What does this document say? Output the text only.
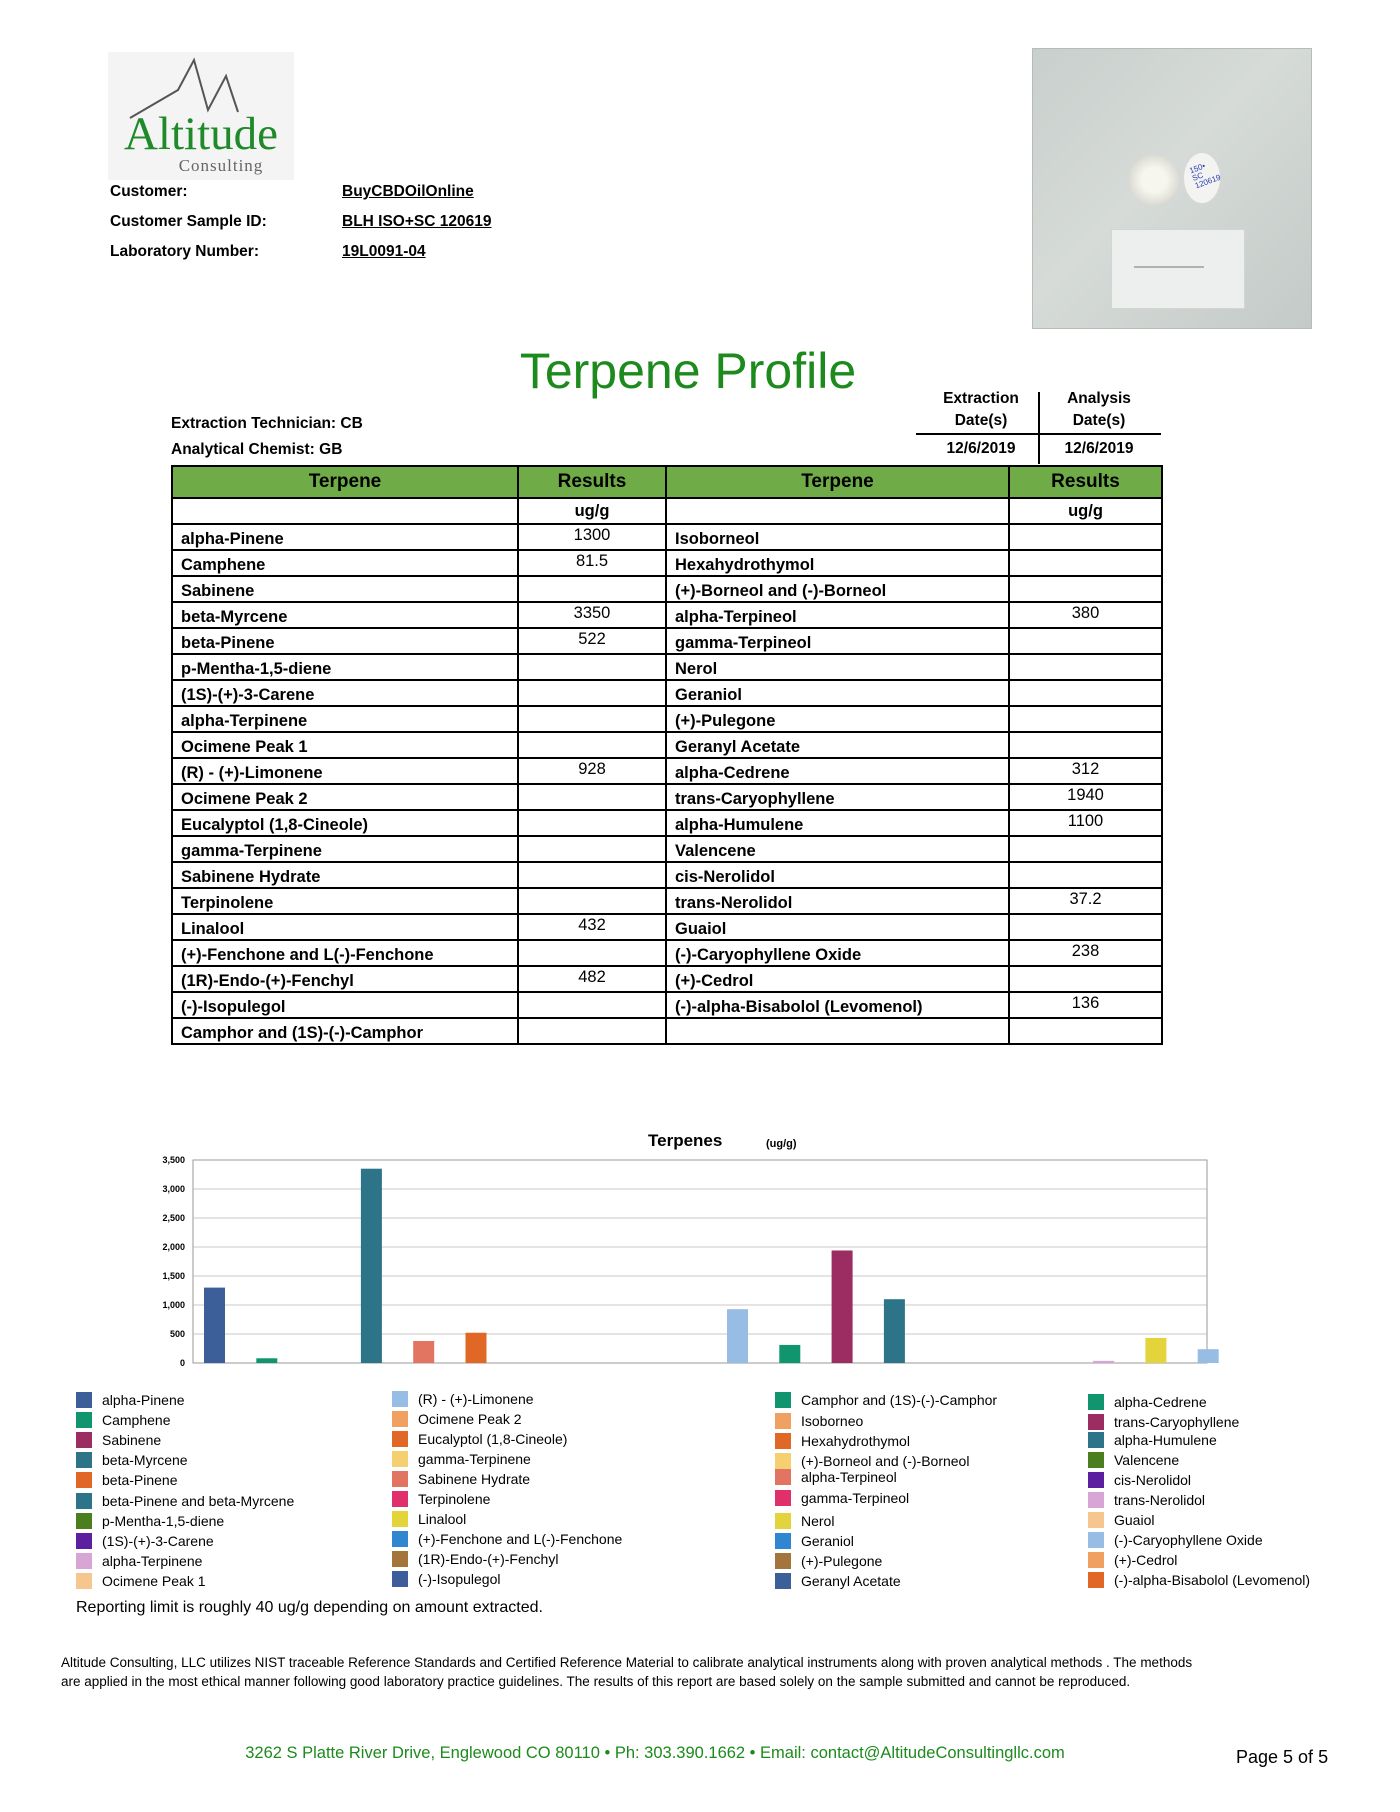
Altitude
Consulting
Customer:	BuyCBDOilOnline
Customer Sample ID:	BLH ISO+SC 120619
Laboratory Number:	19L0091-04
150• SC 120619
Terpene Profile	Extraction
Date(s)
Analysis
Date(s)
12/6/2019	12/6/2019
Extraction Technician: CB
Analytical Chemist: GB
Terpene	Results	Terpene	Results
	ug/g		ug/g
alpha-Pinene	1300	Isoborneol	
Camphene	81.5	Hexahydrothymol	
Sabinene		(+)-Borneol and (-)-Borneol	
beta-Myrcene	3350	alpha-Terpineol	380
beta-Pinene	522	gamma-Terpineol	
p-Mentha-1,5-diene		Nerol	
(1S)-(+)-3-Carene		Geraniol	
alpha-Terpinene		(+)-Pulegone	
Ocimene Peak 1		Geranyl Acetate	
(R) - (+)-Limonene	928	alpha-Cedrene	312
Ocimene Peak 2		trans-Caryophyllene	1940
Eucalyptol (1,8-Cineole)		alpha-Humulene	1100
gamma-Terpinene		Valencene	
Sabinene Hydrate		cis-Nerolidol	
Terpinolene		trans-Nerolidol	37.2
Linalool	432	Guaiol	
(+)-Fenchone and L(-)-Fenchone		(-)-Caryophyllene Oxide	238
(1R)-Endo-(+)-Fenchyl	482	(+)-Cedrol	
(-)-Isopulegol		(-)-alpha-Bisabolol (Levomenol)	136
Camphor and (1S)-(-)-Camphor			
Terpenes	(ug/g)
0
500
1,000
1,500
2,000
2,500
3,000
3,500
alpha-Pinene
Camphene
Sabinene
beta-Myrcene
beta-Pinene
beta-Pinene and beta-Myrcene
p-Mentha-1,5-diene
(1S)-(+)-3-Carene
alpha-Terpinene
Ocimene Peak 1
(R) - (+)-Limonene
Ocimene Peak 2
Eucalyptol (1,8-Cineole)
gamma-Terpinene
Sabinene Hydrate
Terpinolene
Linalool
(+)-Fenchone and L(-)-Fenchone
(1R)-Endo-(+)-Fenchyl
(-)-Isopulegol
Camphor and (1S)-(-)-Camphor
Isoborneo
Hexahydrothymol
(+)-Borneol and (-)-Borneol
alpha-Terpineol
gamma-Terpineol
Nerol
Geraniol
(+)-Pulegone
Geranyl Acetate
alpha-Cedrene
trans-Caryophyllene
alpha-Humulene
Valencene
cis-Nerolidol
trans-Nerolidol
Guaiol
(-)-Caryophyllene Oxide
(+)-Cedrol
(-)-alpha-Bisabolol (Levomenol)
Reporting limit is roughly 40 ug/g depending on amount extracted.
Altitude Consulting, LLC utilizes NIST traceable Reference Standards and Certified Reference Material to calibrate analytical instruments along with proven analytical methods . The methods are applied in the most ethical manner following good laboratory practice guidelines. The results of this report are based solely on the sample submitted and cannot be reproduced.
3262 S Platte River Drive, Englewood CO 80110 • Ph: 303.390.1662 • Email: contact@AltitudeConsultingllc.com	Page 5 of 5
